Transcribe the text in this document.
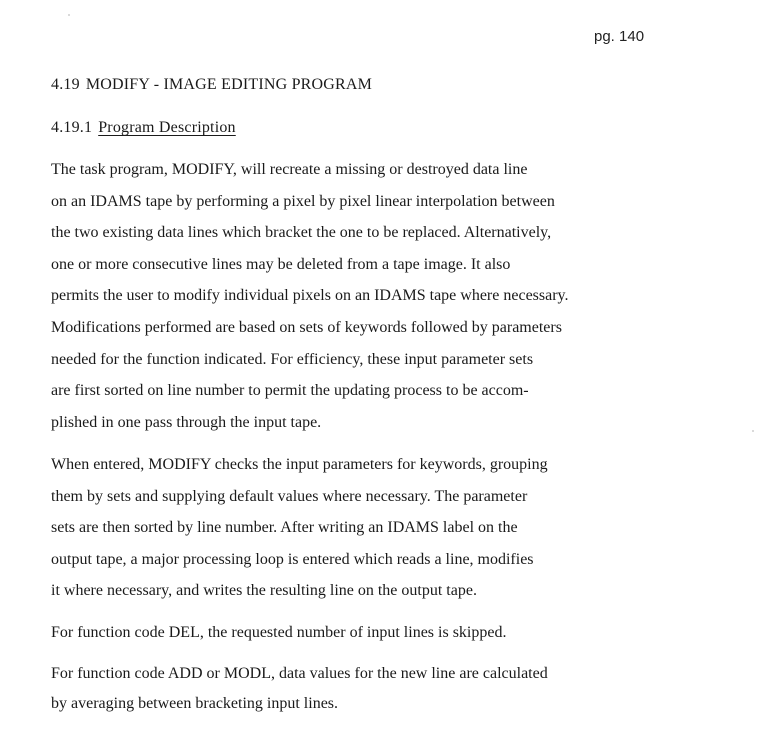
pg. 140
4.19 MODIFY - IMAGE EDITING PROGRAM
4.19.1 Program Description
The task program, MODIFY, will recreate a missing or destroyed data line
on an IDAMS tape by performing a pixel by pixel linear interpolation between
the two existing data lines which bracket the one to be replaced. Alternatively,
one or more consecutive lines may be deleted from a tape image. It also
permits the user to modify individual pixels on an IDAMS tape where necessary.
Modifications performed are based on sets of keywords followed by parameters
needed for the function indicated. For efficiency, these input parameter sets
are first sorted on line number to permit the updating process to be accom-
plished in one pass through the input tape.
When entered, MODIFY checks the input parameters for keywords, grouping
them by sets and supplying default values where necessary. The parameter
sets are then sorted by line number. After writing an IDAMS label on the
output tape, a major processing loop is entered which reads a line, modifies
it where necessary, and writes the resulting line on the output tape.
For function code DEL, the requested number of input lines is skipped.
For function code ADD or MODL, data values for the new line are calculated
by averaging between bracketing input lines.
